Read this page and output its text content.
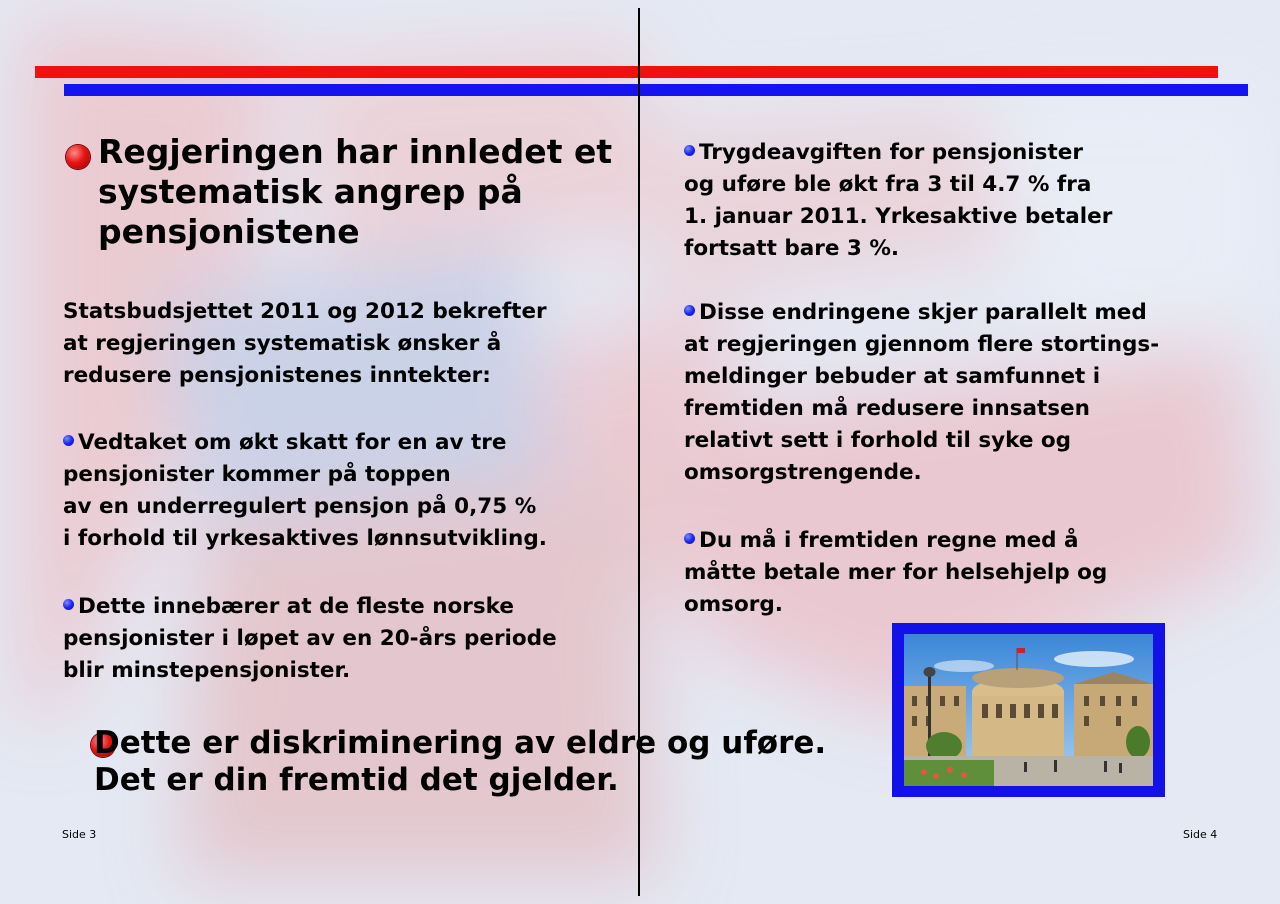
Regjeringen har innledet et
systematisk angrep på
pensjonistene
Statsbudsjettet 2011 og 2012 bekrefter
at regjeringen systematisk ønsker å
redusere pensjonistenes inntekter:
Vedtaket om økt skatt for en av tre
pensjonister kommer på toppen
av en underregulert pensjon på 0,75 %
i forhold til yrkesaktives lønnsutvikling.
Dette innebærer at de fleste norske
pensjonister i løpet av en 20-års periode
blir minstepensjonister.
Dette er diskriminering av eldre og uføre.
Det er din fremtid det gjelder.
Side 3
Trygdeavgiften for pensjonister
og uføre ble økt fra 3 til 4.7 % fra
1. januar 2011. Yrkesaktive betaler
fortsatt bare 3 %.
Disse endringene skjer parallelt med
at regjeringen gjennom flere stortings-
meldinger bebuder at samfunnet i
fremtiden må redusere innsatsen
relativt sett i forhold til syke og
omsorgstrengende.
Du må i fremtiden regne med å
måtte betale mer for helsehjelp og
omsorg.
Side 4
